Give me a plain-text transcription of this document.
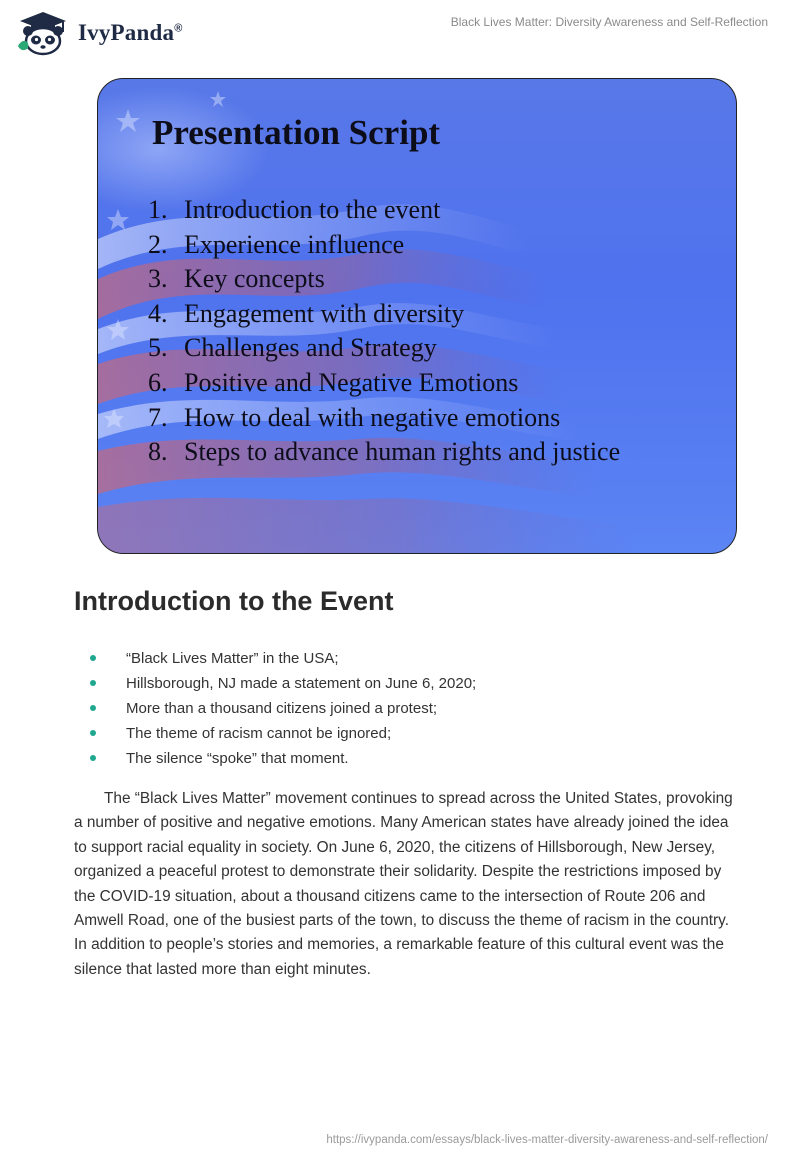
IvyPanda®	Black Lives Matter: Diversity Awareness and Self-Reflection
Presentation Script
1. Introduction to the event
2. Experience influence
3. Key concepts
4. Engagement with diversity
5. Challenges and Strategy
6. Positive and Negative Emotions
7. How to deal with negative emotions
8. Steps to advance human rights and justice
Introduction to the Event
“Black Lives Matter” in the USA;
Hillsborough, NJ made a statement on June 6, 2020;
More than a thousand citizens joined a protest;
The theme of racism cannot be ignored;
The silence “spoke” that moment.

The “Black Lives Matter” movement continues to spread across the United States, provoking a number of positive and negative emotions. Many American states have already joined the idea to support racial equality in society. On June 6, 2020, the citizens of Hillsborough, New Jersey, organized a peaceful protest to demonstrate their solidarity. Despite the restrictions imposed by the COVID-19 situation, about a thousand citizens came to the intersection of Route 206 and Amwell Road, one of the busiest parts of the town, to discuss the theme of racism in the country. In addition to people’s stories and memories, a remarkable feature of this cultural event was the silence that lasted more than eight minutes.

https://ivypanda.com/essays/black-lives-matter-diversity-awareness-and-self-reflection/
